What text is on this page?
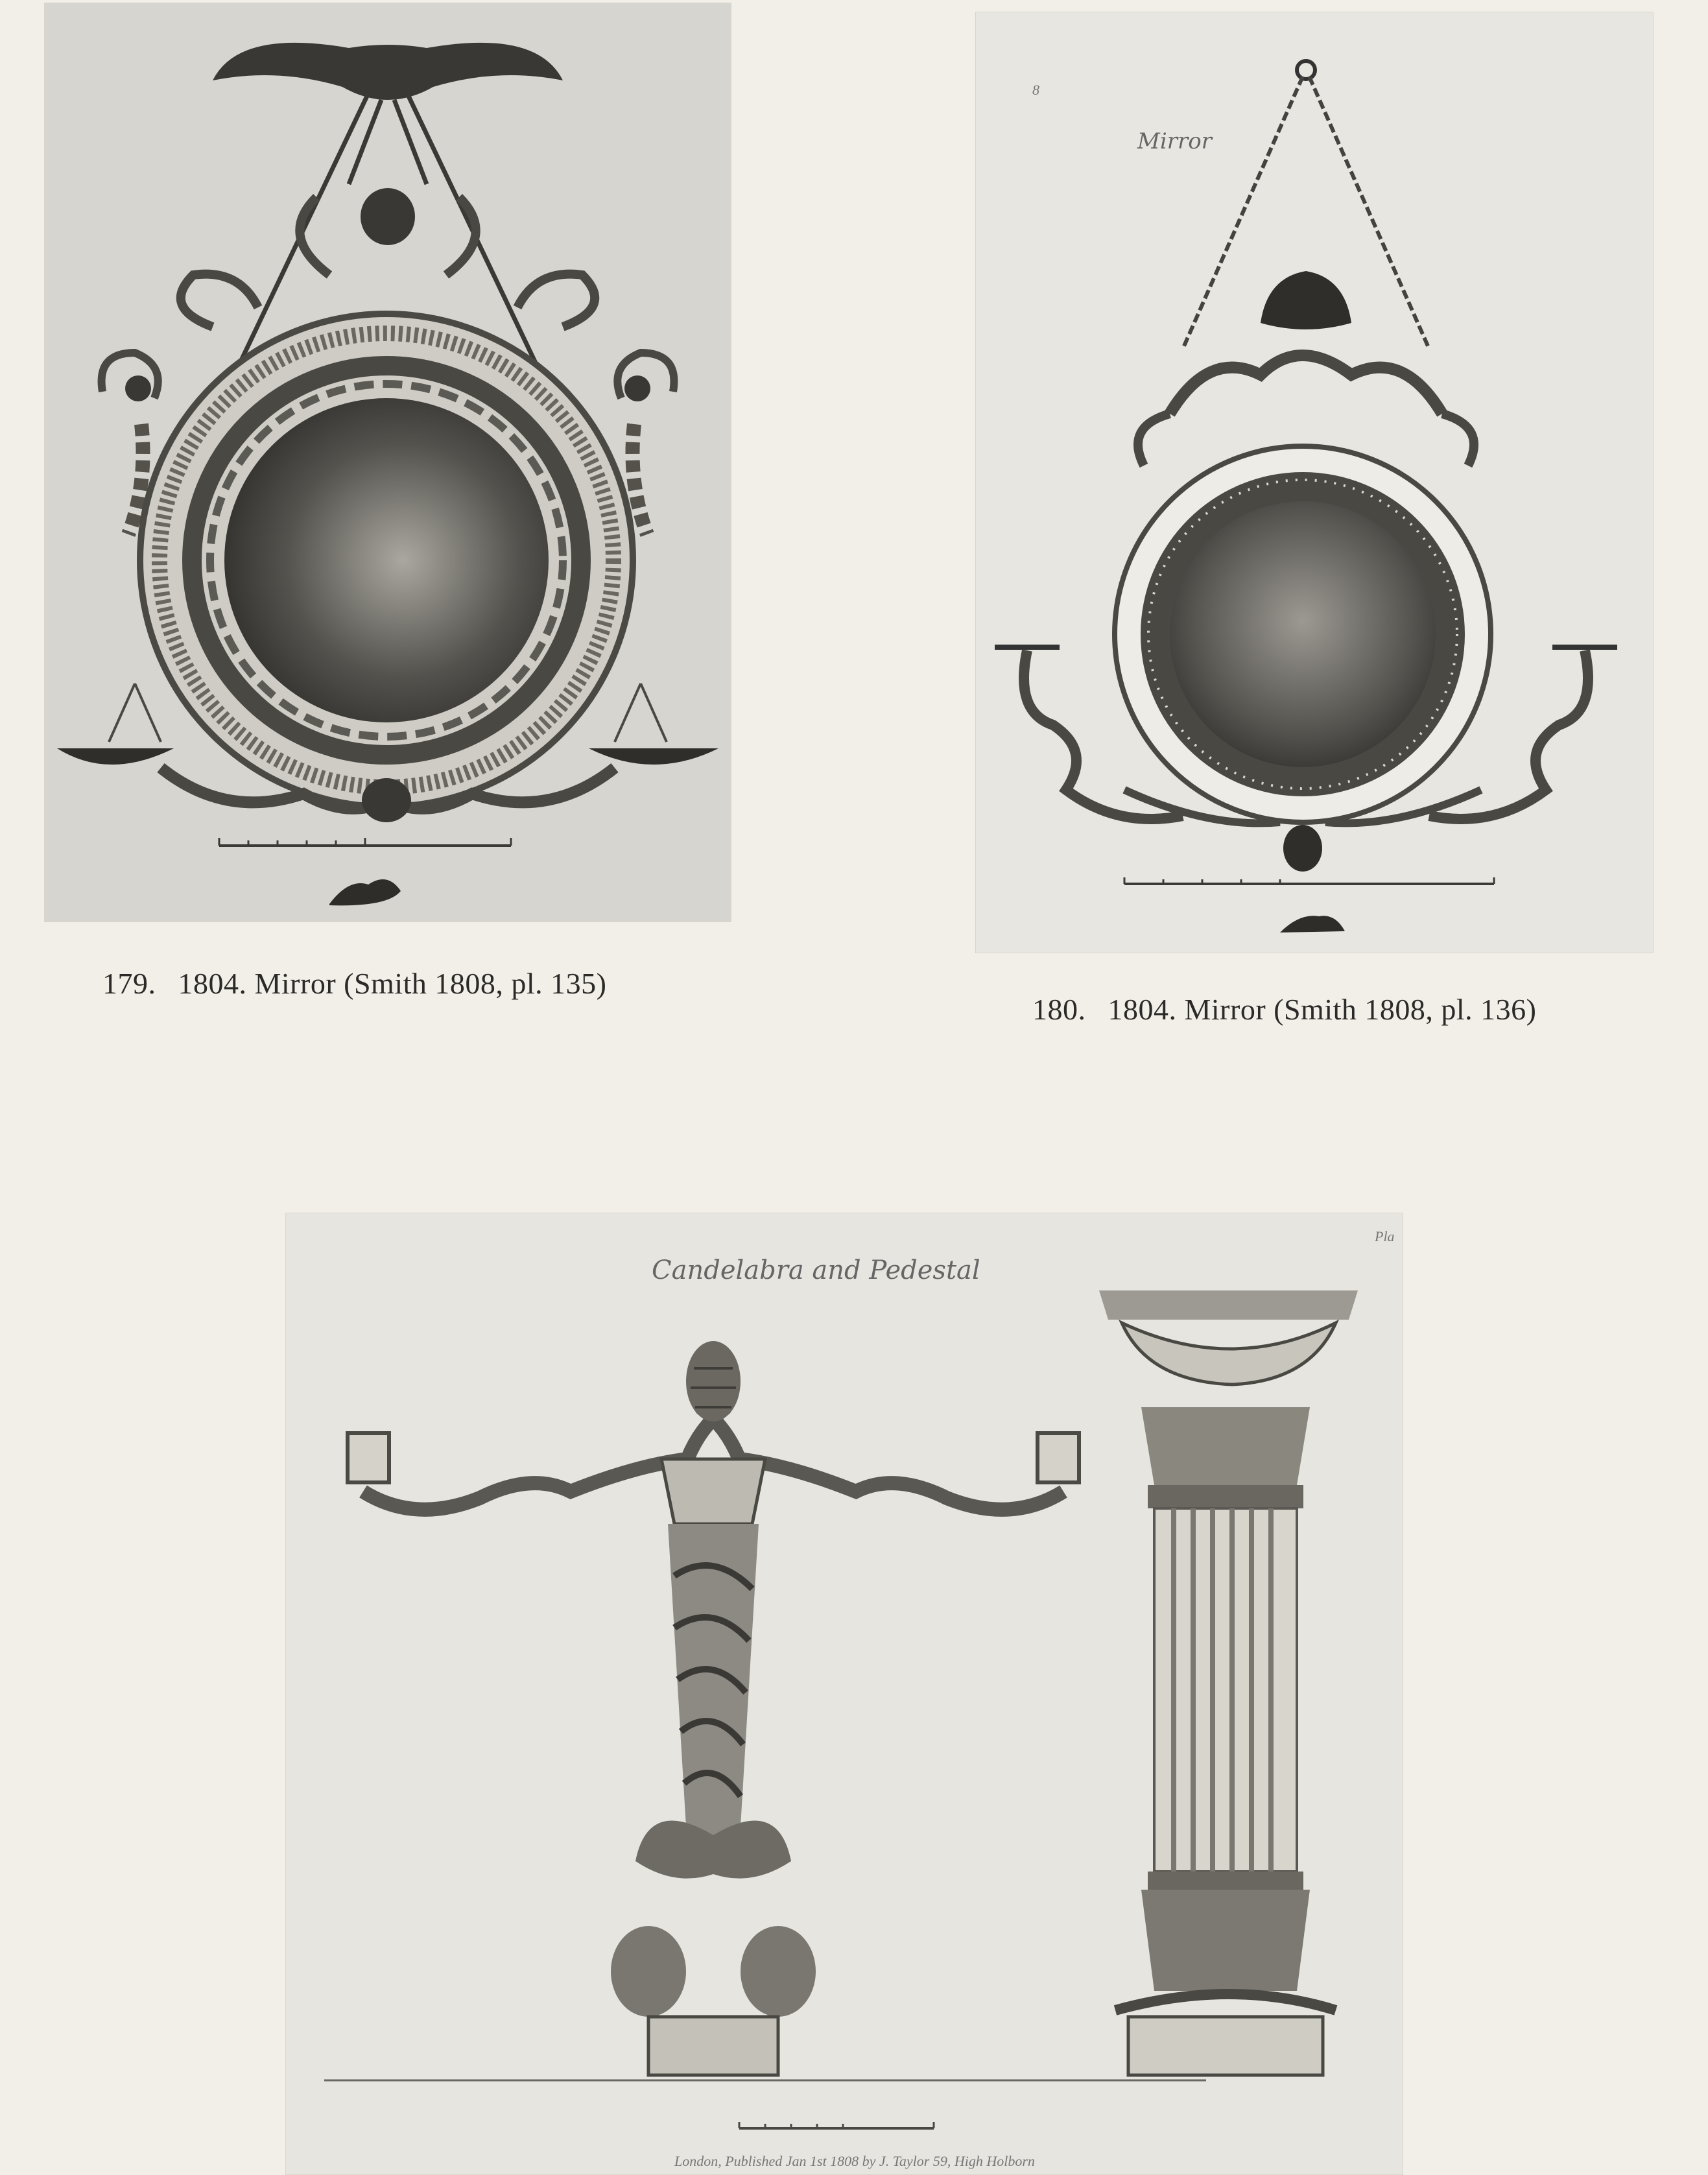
179. 1804. Mirror (Smith 1808, pl. 135)
8
Mirror
180. 1804. Mirror (Smith 1808, pl. 136)
Candelabra and Pedestal
Pla
London, Published Jan 1st 1808 by J. Taylor 59, High Holborn
